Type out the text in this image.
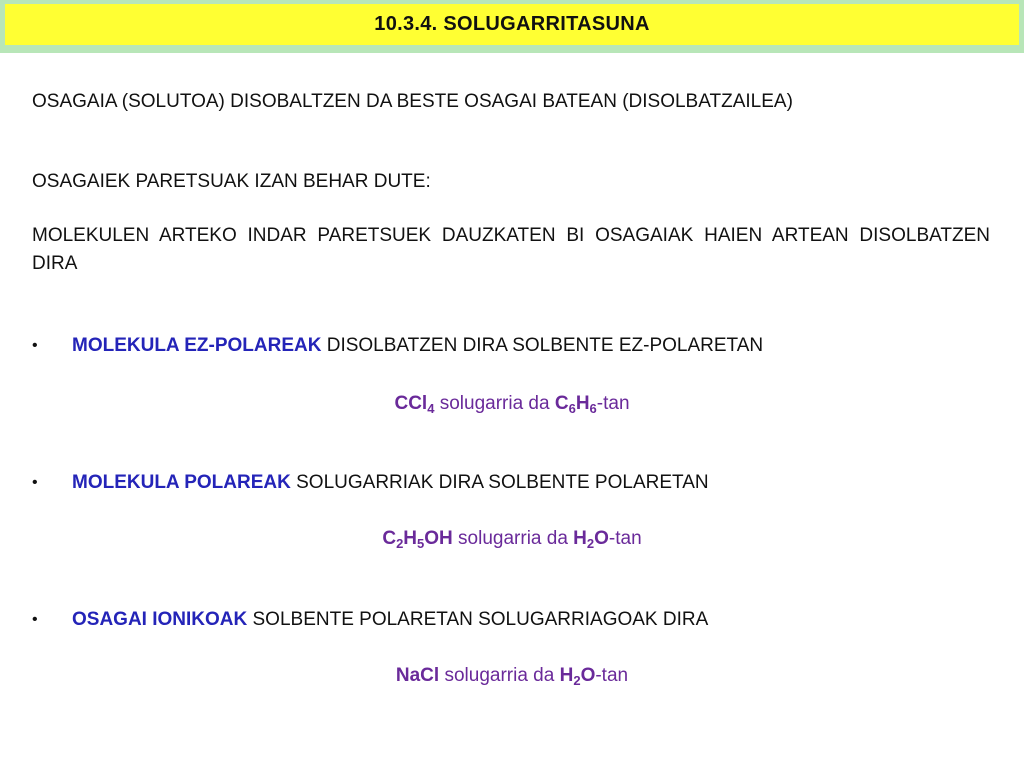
10.3.4. SOLUGARRITASUNA
OSAGAIA (SOLUTOA) DISOBALTZEN DA BESTE OSAGAI BATEAN (DISOLBATZAILEA)
OSAGAIEK PARETSUAK IZAN BEHAR DUTE:
MOLEKULEN ARTEKO INDAR PARETSUEK DAUZKATEN BI OSAGAIAK HAIEN ARTEAN DISOLBATZEN DIRA
•	MOLEKULA EZ-POLAREAK DISOLBATZEN DIRA SOLBENTE EZ-POLARETAN
CCl$_4$ solugarria da $C_6H_6-\tan$
•	MOLEKULA POLAREAK SOLUGARRIAK DIRA SOLBENTE POLARETAN
$C_2H_5OH$ solugarria da $H_2O-\tan$
•	OSAGAI IONIKOAK SOLBENTE POLARETAN SOLUGARRIAGOAK DIRA
NaCl solugarria da $H_2O-\tan$
